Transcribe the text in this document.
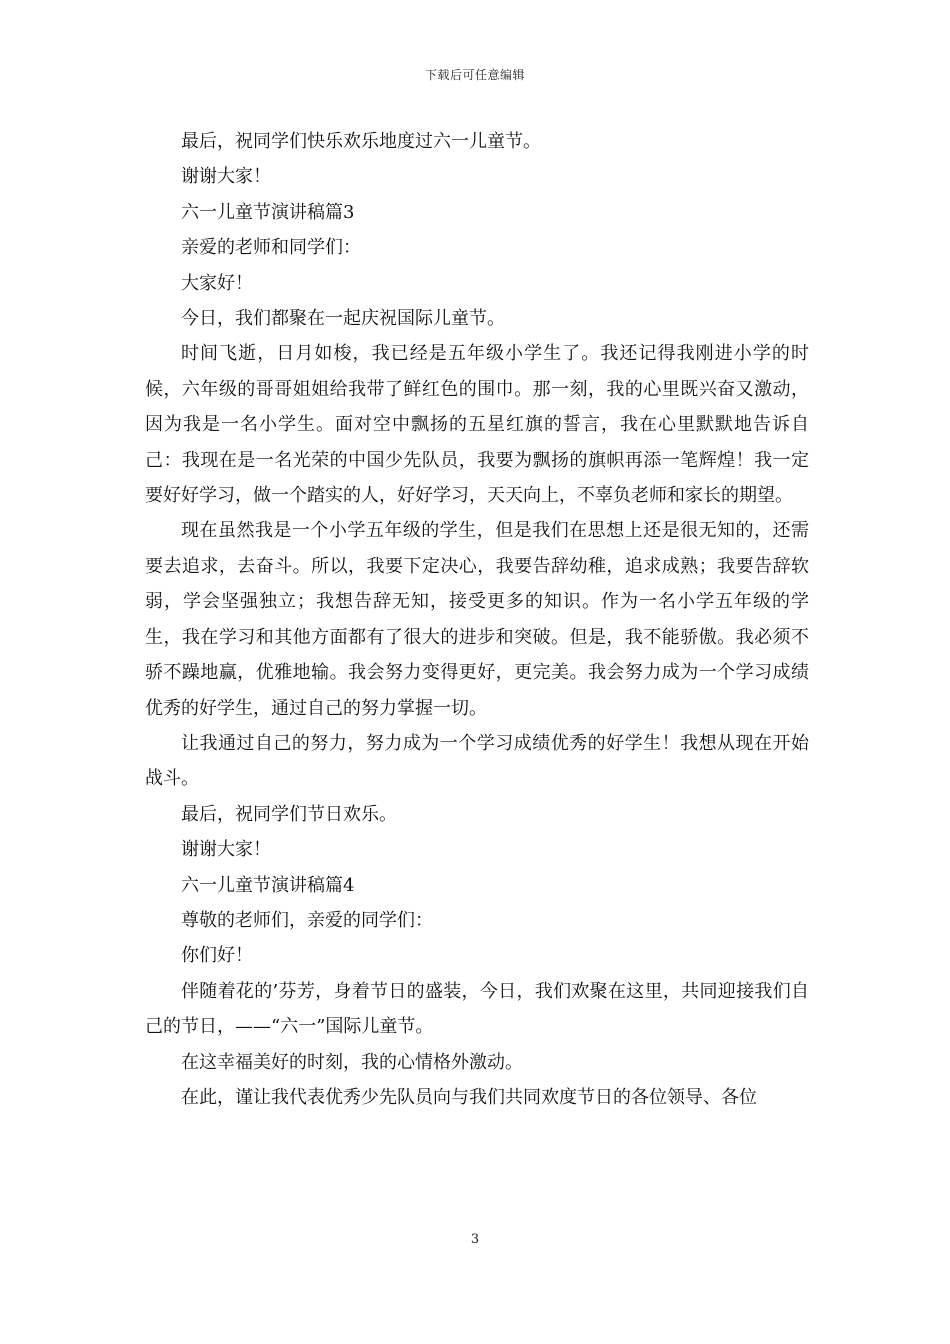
下载后可任意编辑

最后，祝同学们快乐欢乐地度过六一儿童节。

谢谢大家！

六一儿童节演讲稿篇3

亲爱的老师和同学们：

大家好！

今日，我们都聚在一起庆祝国际儿童节。

时间飞逝，日月如梭，我已经是五年级小学生了。我还记得我刚进小学的时候，六年级的哥哥姐姐给我带了鲜红色的围巾。那一刻，我的心里既兴奋又激动，因为我是一名小学生。面对空中飘扬的五星红旗的誓言，我在心里默默地告诉自己：我现在是一名光荣的中国少先队员，我要为飘扬的旗帜再添一笔辉煌！我一定要好好学习，做一个踏实的人，好好学习，天天向上，不辜负老师和家长的期望。

现在虽然我是一个小学五年级的学生，但是我们在思想上还是很无知的，还需要去追求，去奋斗。所以，我要下定决心，我要告辞幼稚，追求成熟；我要告辞软弱，学会坚强独立；我想告辞无知，接受更多的知识。作为一名小学五年级的学生，我在学习和其他方面都有了很大的进步和突破。但是，我不能骄傲。我必须不骄不躁地赢，优雅地输。我会努力变得更好，更完美。我会努力成为一个学习成绩优秀的好学生，通过自己的努力掌握一切。

让我通过自己的努力，努力成为一个学习成绩优秀的好学生！我想从现在开始战斗。

最后，祝同学们节日欢乐。

谢谢大家！

六一儿童节演讲稿篇4

尊敬的老师们，亲爱的同学们：

你们好！

伴随着花的’芬芳，身着节日的盛装，今日，我们欢聚在这里，共同迎接我们自己的节日，——“六一”国际儿童节。

在这幸福美好的时刻，我的心情格外激动。

在此，谨让我代表优秀少先队员向与我们共同欢度节日的各位领导、各位

3
